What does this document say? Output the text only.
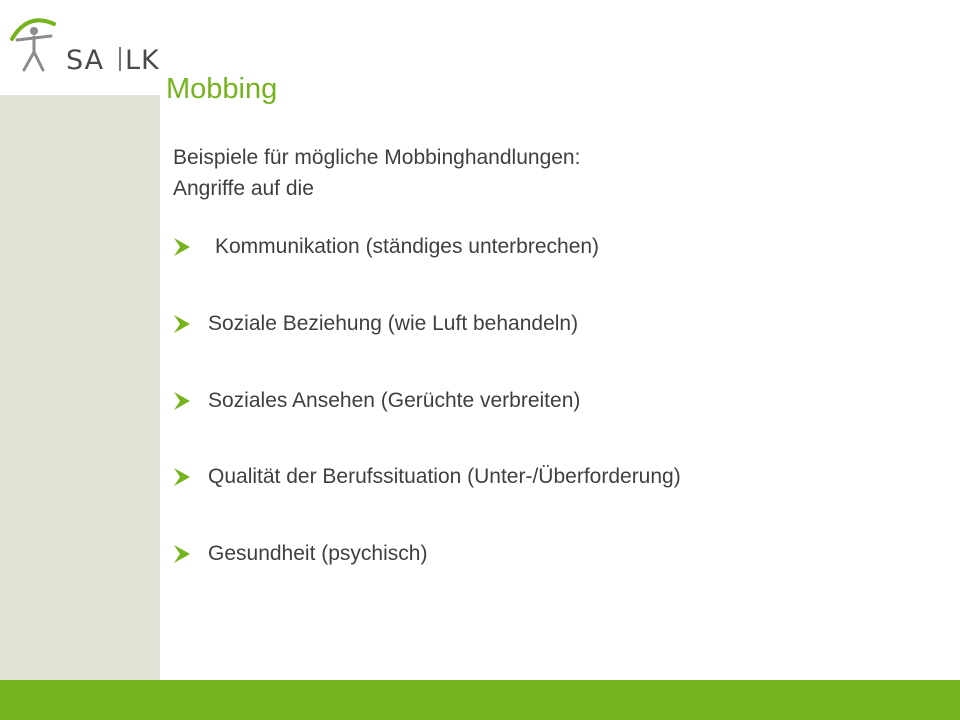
SA LK
Mobbing
Beispiele für mögliche Mobbinghandlungen:
Angriffe auf die
Kommunikation (ständiges unterbrechen)
Soziale Beziehung (wie Luft behandeln)
Soziales Ansehen (Gerüchte verbreiten)
Qualität der Berufssituation (Unter-/Überforderung)
Gesundheit (psychisch)
